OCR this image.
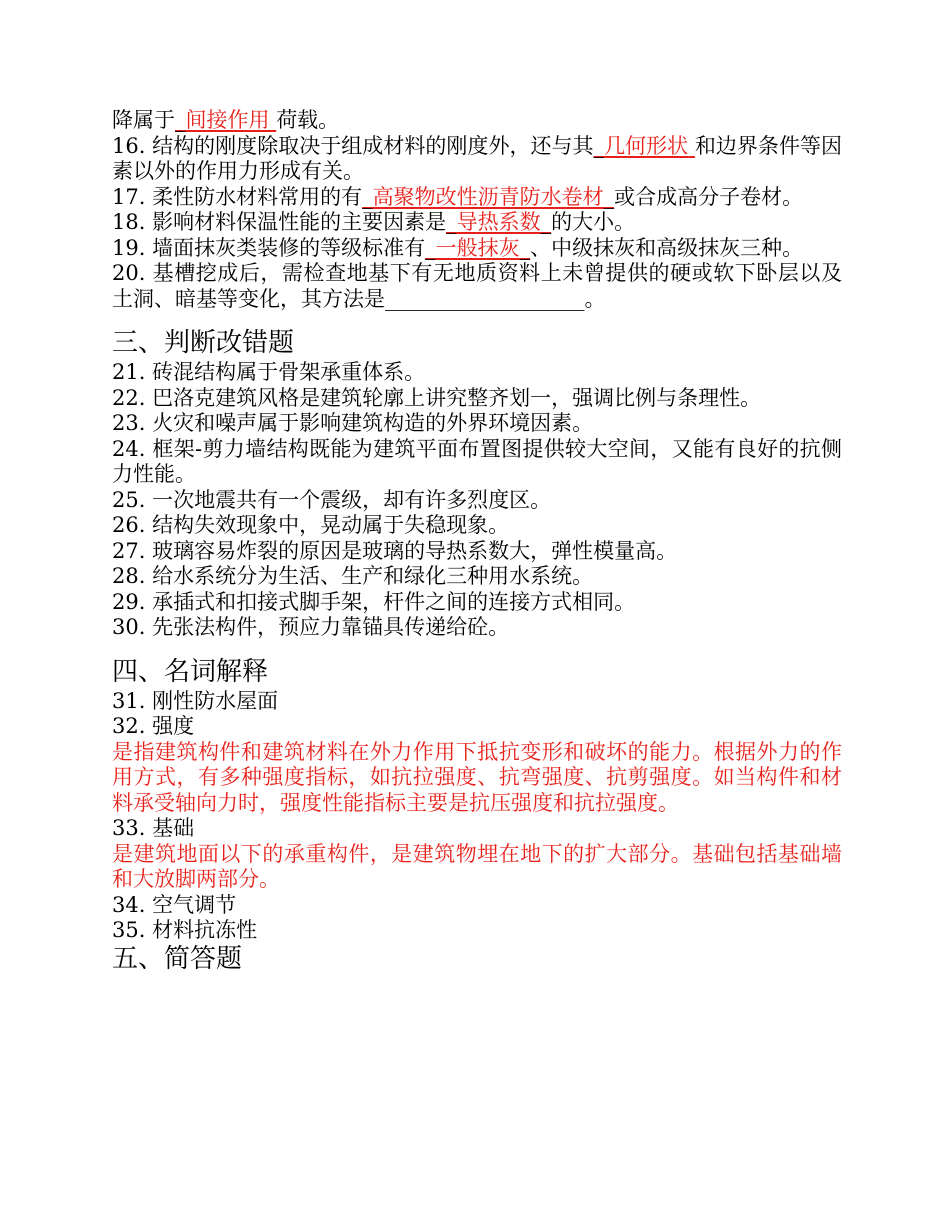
降属于_间接作用 荷载。
16. 结构的刚度除取决于组成材料的刚度外，还与其_几何形状 和边界条件等因素以外的作用力形成有关。
17. 柔性防水材料常用的有_高聚物改性沥青防水卷材_或合成高分子卷材。
18. 影响材料保温性能的主要因素是_导热系数_的大小。
19. 墙面抹灰类装修的等级标准有_一般抹灰_、中级抹灰和高级抹灰三种。
20. 基槽挖成后，需检查地基下有无地质资料上未曾提供的硬或软下卧层以及土洞、暗基等变化，其方法是___________________。
三、判断改错题
21. 砖混结构属于骨架承重体系。
22. 巴洛克建筑风格是建筑轮廓上讲究整齐划一，强调比例与条理性。
23. 火灾和噪声属于影响建筑构造的外界环境因素。
24. 框架-剪力墙结构既能为建筑平面布置图提供较大空间，又能有良好的抗侧力性能。
25. 一次地震共有一个震级，却有许多烈度区。
26. 结构失效现象中，晃动属于失稳现象。
27. 玻璃容易炸裂的原因是玻璃的导热系数大，弹性模量高。
28. 给水系统分为生活、生产和绿化三种用水系统。
29. 承插式和扣接式脚手架，杆件之间的连接方式相同。
30. 先张法构件，预应力靠锚具传递给砼。
四、名词解释
31. 刚性防水屋面
32. 强度
是指建筑构件和建筑材料在外力作用下抵抗变形和破坏的能力。根据外力的作用方式，有多种强度指标，如抗拉强度、抗弯强度、抗剪强度。如当构件和材料承受轴向力时，强度性能指标主要是抗压强度和抗拉强度。
33. 基础
是建筑地面以下的承重构件，是建筑物埋在地下的扩大部分。基础包括基础墙和大放脚两部分。
34. 空气调节
35. 材料抗冻性
五、简答题
